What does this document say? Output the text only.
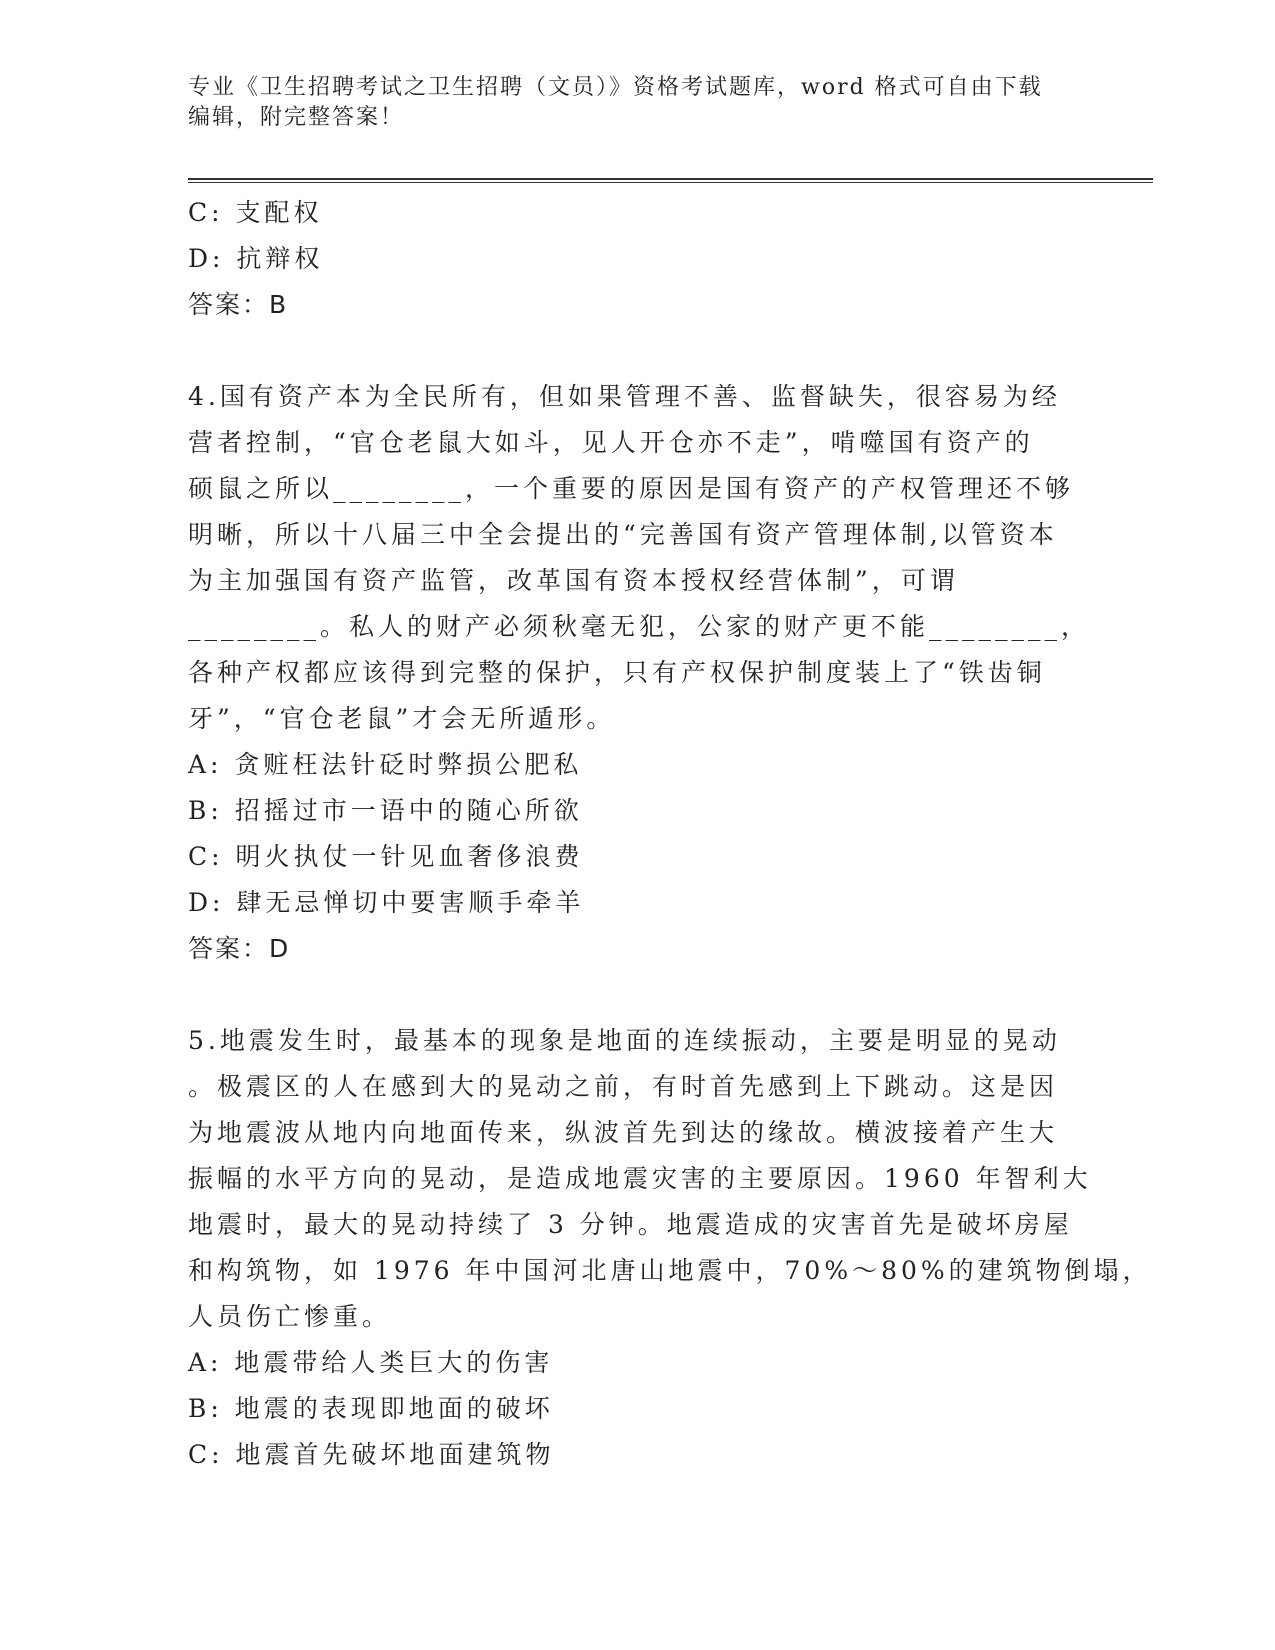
专业《卫生招聘考试之卫生招聘（文员）》资格考试题库，word 格式可自由下载
编辑，附完整答案！
C: 支配权
D: 抗辩权
答案：B
4.国有资产本为全民所有，但如果管理不善、监督缺失，很容易为经
营者控制，“官仓老鼠大如斗，见人开仓亦不走”，啃噬国有资产的
硕鼠之所以________，一个重要的原因是国有资产的产权管理还不够
明晰，所以十八届三中全会提出的“完善国有资产管理体制,以管资本
为主加强国有资产监管，改革国有资本授权经营体制”，可谓
________。私人的财产必须秋毫无犯，公家的财产更不能________，
各种产权都应该得到完整的保护，只有产权保护制度装上了“铁齿铜
牙”，“官仓老鼠”才会无所遁形。
A: 贪赃枉法针砭时弊损公肥私
B: 招摇过市一语中的随心所欲
C: 明火执仗一针见血奢侈浪费
D: 肆无忌惮切中要害顺手牵羊
答案：D
5.地震发生时，最基本的现象是地面的连续振动，主要是明显的晃动
。极震区的人在感到大的晃动之前，有时首先感到上下跳动。这是因
为地震波从地内向地面传来，纵波首先到达的缘故。横波接着产生大
振幅的水平方向的晃动，是造成地震灾害的主要原因。1960 年智利大
地震时，最大的晃动持续了 3 分钟。地震造成的灾害首先是破坏房屋
和构筑物，如 1976 年中国河北唐山地震中，70%～80%的建筑物倒塌，
人员伤亡惨重。
A: 地震带给人类巨大的伤害
B: 地震的表现即地面的破坏
C: 地震首先破坏地面建筑物
